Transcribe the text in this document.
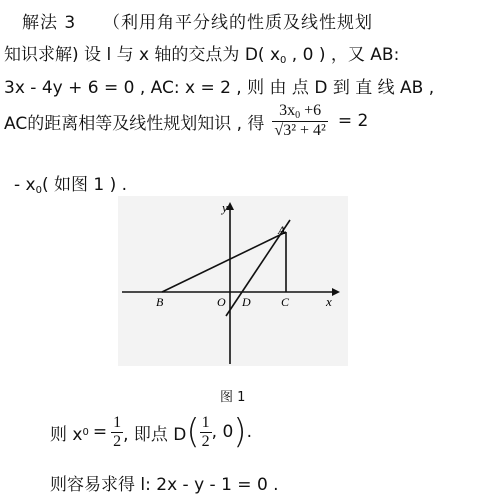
解法 3 （利用角平分线的性质及线性规划
知识求解) 设 l 与 x 轴的交点为 D( $x_0$ , 0 ) ，又 AB:
3x - 4y + 6 = 0 , AC: x = 2 , 则 由 点 D 到 直 线 AB ,
AC的距离相等及线性规划知识 , 得 $\frac{3x_0 +6}{\text{√3² + 4²}} = 2$
- $x_0$( 如图 1 ) .
y
x
A
B	O D	C
图 1
则 x $0 = \frac{1}{2}$ , 即点 D ( $\frac{1}{2}$ , 0 ) .
则容易求得 l: 2x - y - 1 = 0 .
